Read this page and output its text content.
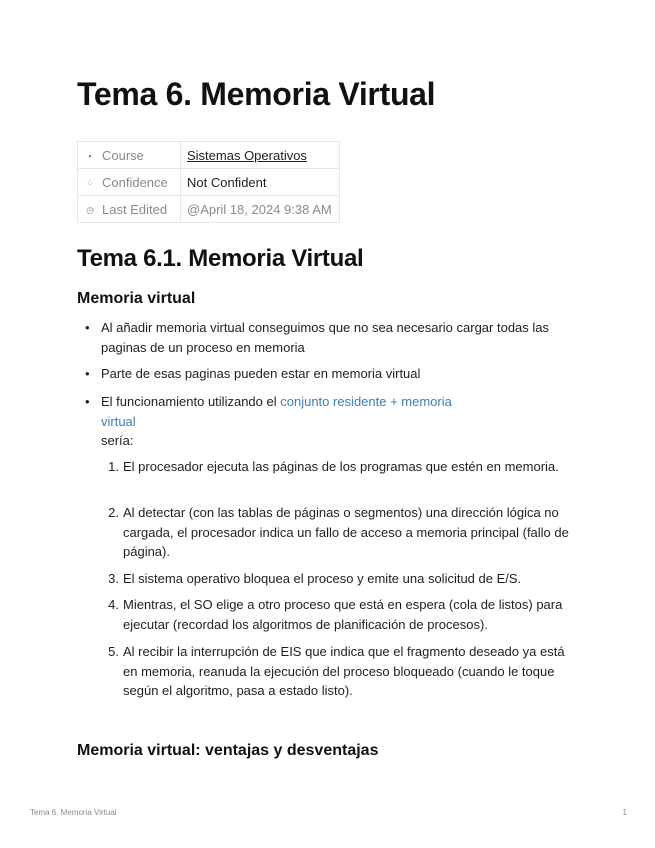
Tema 6. Memoria Virtual
▪ Course	Sistemas Operativos
⁘ Confidence	Not Confident
◷ Last Edited	@April 18, 2024 9:38 AM
Tema 6.1. Memoria Virtual
Memoria virtual
• Al añadir memoria virtual conseguimos que no sea necesario cargar todas las paginas de un proceso en memoria
• Parte de esas paginas pueden estar en memoria virtual
• El funcionamiento utilizando el conjunto residente + memoria virtual
sería:
1. El procesador ejecuta las páginas de los programas que estén en memoria.
2. Al detectar (con las tablas de páginas o segmentos) una dirección lógica no cargada, el procesador indica un fallo de acceso a memoria principal (fallo de página).
3. El sistema operativo bloquea el proceso y emite una solicitud de E/S.
4. Mientras, el SO elige a otro proceso que está en espera (cola de listos) para ejecutar (recordad los algoritmos de planificación de procesos).
5. Al recibir la interrupción de EIS que indica que el fragmento deseado ya está en memoria, reanuda la ejecución del proceso bloqueado (cuando le toque según el algoritmo, pasa a estado listo).
Memoria virtual: ventajas y desventajas
Tema 6. Memoria Virtual	1
